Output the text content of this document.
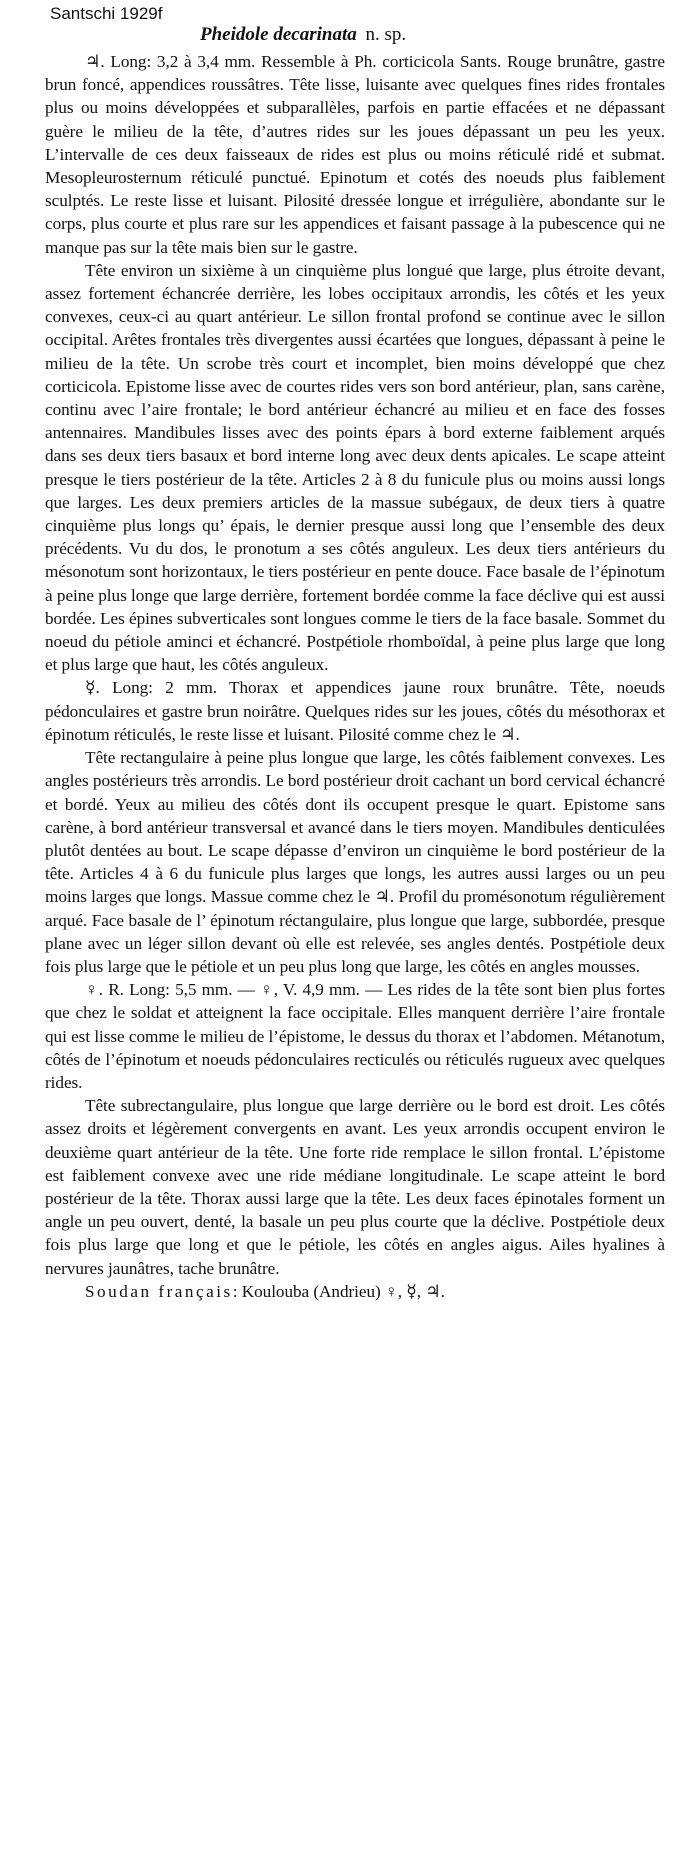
Santschi 1929f
Pheidole decarinata n. sp.

♃. Long: 3,2 à 3,4 mm. Ressemble à Ph. corticicola Sants. Rouge brunâtre, gastre brun foncé, appendices roussâtres. Tête lisse, luisante avec quelques fines rides frontales plus ou moins développées et subparallèles, parfois en partie effacées et ne dépassant guère le milieu de la tête, d’autres rides sur les joues dépassant un peu les yeux. L’intervalle de ces deux faisseaux de rides est plus ou moins réticulé ridé et submat. Mesopleurosternum réticulé punctué. Epinotum et cotés des noeuds plus faiblement sculptés. Le reste lisse et luisant. Pilosité dressée longue et irrégulière, abondante sur le corps, plus courte et plus rare sur les appendices et faisant passage à la pubescence qui ne manque pas sur la tête mais bien sur le gastre.

Tête environ un sixième à un cinquième plus longué que large, plus étroite devant, assez fortement échancrée derrière, les lobes occipitaux arrondis, les côtés et les yeux convexes, ceux-ci au quart antérieur. Le sillon frontal profond se continue avec le sillon occipital. Arêtes frontales très divergentes aussi écartées que longues, dépassant à peine le milieu de la tête. Un scrobe très court et incomplet, bien moins développé que chez corticicola. Epistome lisse avec de courtes rides vers son bord antérieur, plan, sans carène, continu avec l’aire frontale; le bord antérieur échancré au milieu et en face des fosses antennaires. Mandibules lisses avec des points épars à bord externe faiblement arqués dans ses deux tiers basaux et bord interne long avec deux dents apicales. Le scape atteint presque le tiers postérieur de la tête. Articles 2 à 8 du funicule plus ou moins aussi longs que larges. Les deux premiers articles de la massue subégaux, de deux tiers à quatre cinquième plus longs qu’ épais, le dernier presque aussi long que l’ensemble des deux précédents. Vu du dos, le pronotum a ses côtés anguleux. Les deux tiers antérieurs du mésonotum sont horizontaux, le tiers postérieur en pente douce. Face basale de l’épinotum à peine plus longe que large derrière, fortement bordée comme la face déclive qui est aussi bordée. Les épines subverticales sont longues comme le tiers de la face basale. Sommet du noeud du pétiole aminci et échancré. Postpétiole rhomboïdal, à peine plus large que long et plus large que haut, les côtés anguleux.

☿. Long: 2 mm. Thorax et appendices jaune roux brunâtre. Tête, noeuds pédonculaires et gastre brun noirâtre. Quelques rides sur les joues, côtés du mésothorax et épinotum réticulés, le reste lisse et luisant. Pilosité comme chez le ♃.

Tête rectangulaire à peine plus longue que large, les côtés faiblement convexes. Les angles postérieurs très arrondis. Le bord postérieur droit cachant un bord cervical échancré et bordé. Yeux au milieu des côtés dont ils occupent presque le quart. Epistome sans carène, à bord antérieur transversal et avancé dans le tiers moyen. Mandibules denticulées plutôt dentées au bout. Le scape dépasse d’environ un cinquième le bord postérieur de la tête. Articles 4 à 6 du funicule plus larges que longs, les autres aussi larges ou un peu moins larges que longs. Massue comme chez le ♃. Profil du promésonotum régulièrement arqué. Face basale de l’ épinotum réctangulaire, plus longue que large, subbordée, presque plane avec un léger sillon devant où elle est relevée, ses angles dentés. Postpétiole deux fois plus large que le pétiole et un peu plus long que large, les côtés en angles mousses.

♀. R. Long: 5,5 mm. — ♀, V. 4,9 mm. — Les rides de la tête sont bien plus fortes que chez le soldat et atteignent la face occipitale. Elles manquent derrière l’aire frontale qui est lisse comme le milieu de l’épistome, le dessus du thorax et l’abdomen. Métanotum, côtés de l’épinotum et noeuds pédonculaires recticulés ou réticulés rugueux avec quelques rides.

Tête subrectangulaire, plus longue que large derrière ou le bord est droit. Les côtés assez droits et légèrement convergents en avant. Les yeux arrondis occupent environ le deuxième quart antérieur de la tête. Une forte ride remplace le sillon frontal. L’épistome est faiblement convexe avec une ride médiane longitudinale. Le scape atteint le bord postérieur de la tête. Thorax aussi large que la tête. Les deux faces épinotales forment un angle un peu ouvert, denté, la basale un peu plus courte que la déclive. Postpétiole deux fois plus large que long et que le pétiole, les côtés en angles aigus. Ailes hyalines à nervures jaunâtres, tache brunâtre.

Soudan français: Koulouba (Andrieu) ♀, ☿, ♃.
